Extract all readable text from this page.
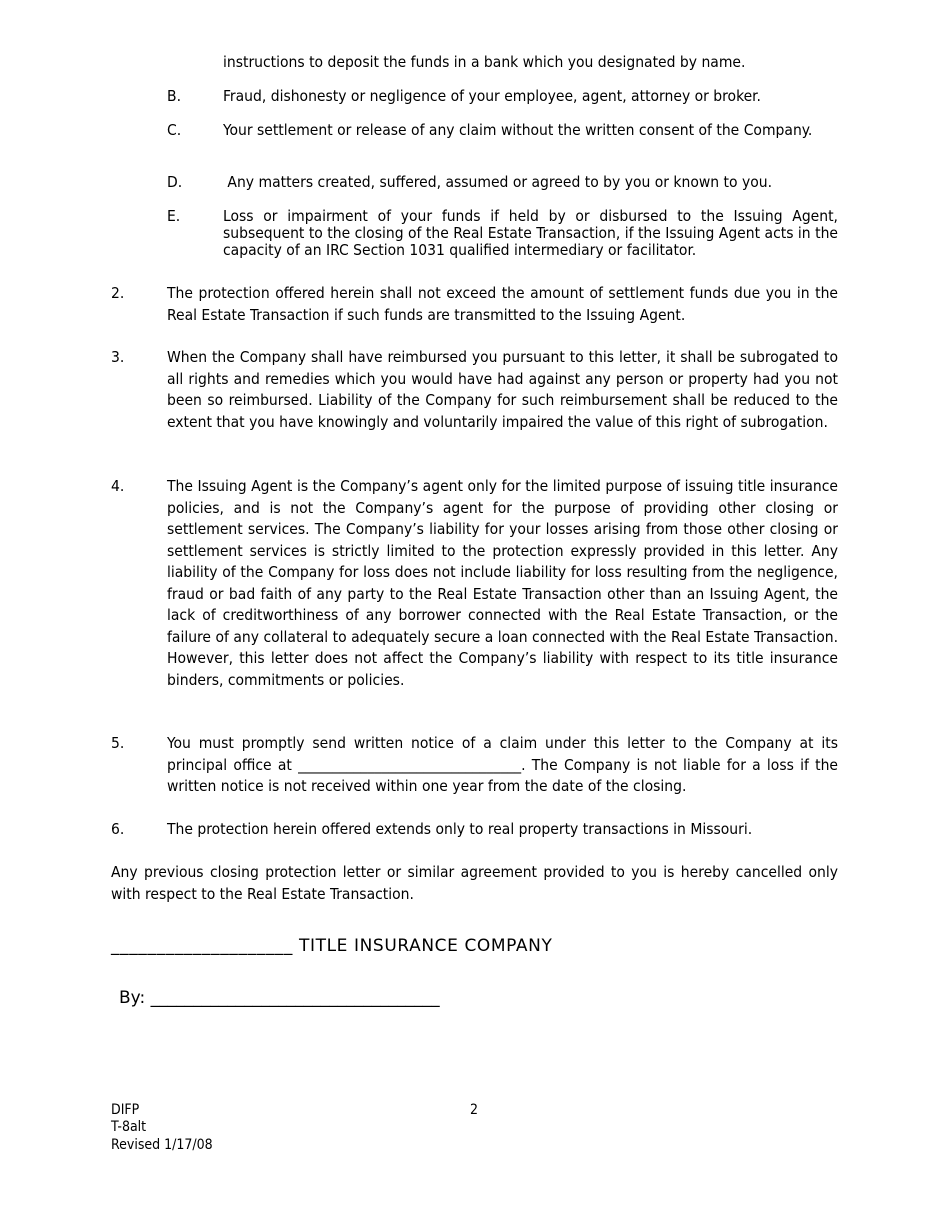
instructions to deposit the funds in a bank which you designated by name.
B.	Fraud, dishonesty or negligence of your employee, agent, attorney or broker.
C.	Your settlement or release of any claim without the written consent of the Company.
D.	Any matters created, suffered, assumed or agreed to by you or known to you.
E.	Loss or impairment of your funds if held by or disbursed to the Issuing Agent, subsequent to the closing of the Real Estate Transaction, if the Issuing Agent acts in the capacity of an IRC Section 1031 qualified intermediary or facilitator.
2.	The protection offered herein shall not exceed the amount of settlement funds due you in the Real Estate Transaction if such funds are transmitted to the Issuing Agent.
3.	When the Company shall have reimbursed you pursuant to this letter, it shall be subrogated to all rights and remedies which you would have had against any person or property had you not been so reimbursed. Liability of the Company for such reimbursement shall be reduced to the extent that you have knowingly and voluntarily impaired the value of this right of subrogation.
4.	The Issuing Agent is the Company’s agent only for the limited purpose of issuing title insurance policies, and is not the Company’s agent for the purpose of providing other closing or settlement services. The Company’s liability for your losses arising from those other closing or settlement services is strictly limited to the protection expressly provided in this letter. Any liability of the Company for loss does not include liability for loss resulting from the negligence, fraud or bad faith of any party to the Real Estate Transaction other than an Issuing Agent, the lack of creditworthiness of any borrower connected with the Real Estate Transaction, or the failure of any collateral to adequately secure a loan connected with the Real Estate Transaction. However, this letter does not affect the Company’s liability with respect to its title insurance binders, commitments or policies.
5.	You must promptly send written notice of a claim under this letter to the Company at its principal office at ________________________________. The Company is not liable for a loss if the written notice is not received within one year from the date of the closing.
6.	The protection herein offered extends only to real property transactions in Missouri.
Any previous closing protection letter or similar agreement provided to you is hereby cancelled only with respect to the Real Estate Transaction.
____________________ TITLE INSURANCE COMPANY
By: __________________________________
DIFP
T-8alt
Revised 1/17/08
2
